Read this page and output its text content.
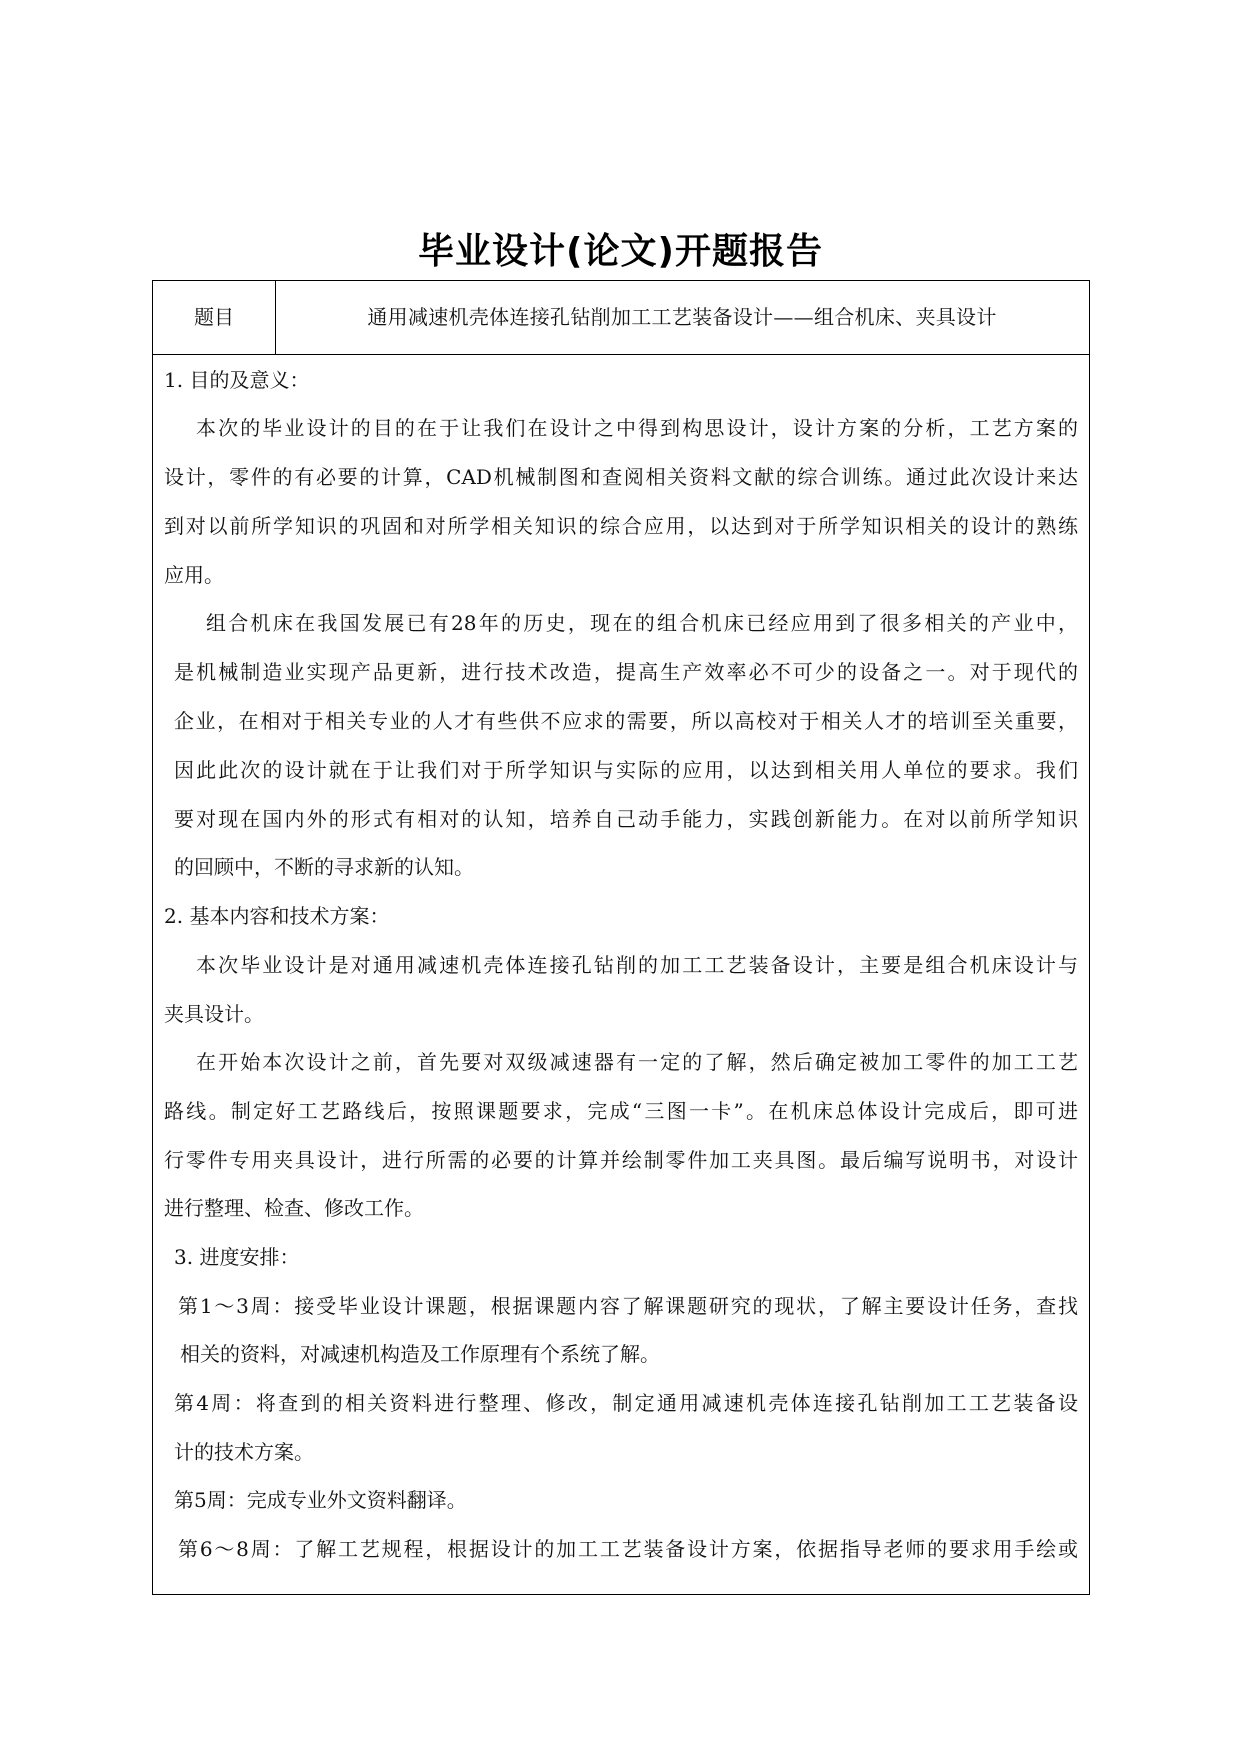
毕业设计(论文)开题报告
题目	通用减速机壳体连接孔钻削加工工艺装备设计——组合机床、夹具设计
1. 目的及意义：
本次的毕业设计的目的在于让我们在设计之中得到构思设计，设计方案的分析，工艺方案的
设计，零件的有必要的计算，CAD机械制图和查阅相关资料文献的综合训练。通过此次设计来达
到对以前所学知识的巩固和对所学相关知识的综合应用，以达到对于所学知识相关的设计的熟练
应用。
组合机床在我国发展已有28年的历史，现在的组合机床已经应用到了很多相关的产业中，
是机械制造业实现产品更新，进行技术改造，提高生产效率必不可少的设备之一。对于现代的
企业，在相对于相关专业的人才有些供不应求的需要，所以高校对于相关人才的培训至关重要，
因此此次的设计就在于让我们对于所学知识与实际的应用，以达到相关用人单位的要求。我们
要对现在国内外的形式有相对的认知，培养自己动手能力，实践创新能力。在对以前所学知识
的回顾中，不断的寻求新的认知。
2. 基本内容和技术方案：
本次毕业设计是对通用减速机壳体连接孔钻削的加工工艺装备设计，主要是组合机床设计与
夹具设计。
在开始本次设计之前，首先要对双级减速器有一定的了解，然后确定被加工零件的加工工艺
路线。制定好工艺路线后，按照课题要求，完成“三图一卡”。在机床总体设计完成后，即可进
行零件专用夹具设计，进行所需的必要的计算并绘制零件加工夹具图。最后编写说明书，对设计
进行整理、检查、修改工作。
3. 进度安排：
第1～3周：接受毕业设计课题，根据课题内容了解课题研究的现状，了解主要设计任务，查找
相关的资料，对减速机构造及工作原理有个系统了解。
第4周：将查到的相关资料进行整理、修改，制定通用减速机壳体连接孔钻削加工工艺装备设
计的技术方案。
第5周：完成专业外文资料翻译。
第6～8周：了解工艺规程，根据设计的加工工艺装备设计方案，依据指导老师的要求用手绘或
